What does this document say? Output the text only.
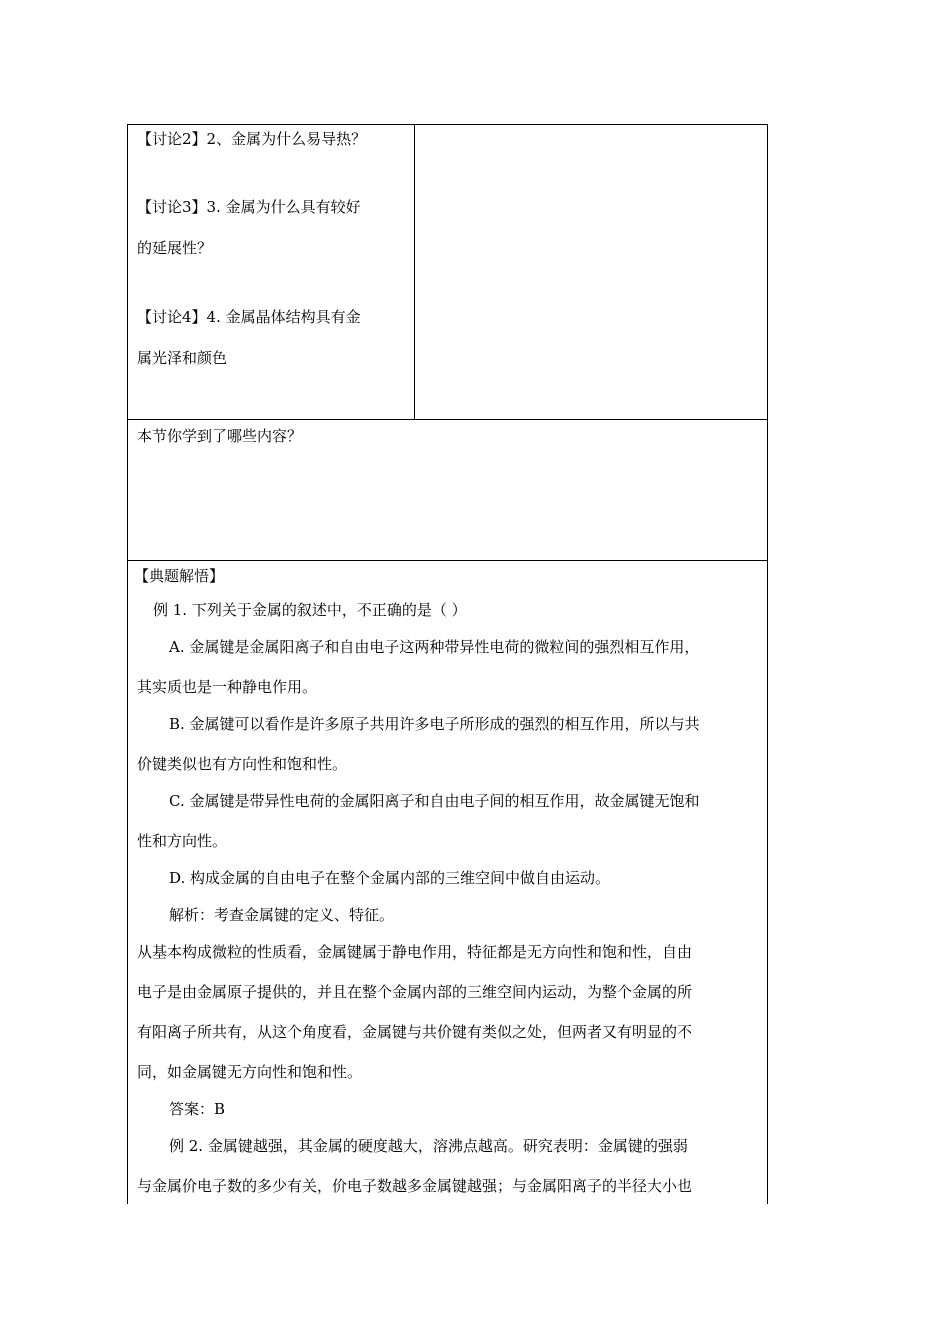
【讨论2】2、金属为什么易导热？
【讨论3】3. 金属为什么具有较好
的延展性？
【讨论4】4. 金属晶体结构具有金
属光泽和颜色
本节你学到了哪些内容？
【典题解悟】
例 1. 下列关于金属的叙述中，不正确的是（ ）
A. 金属键是金属阳离子和自由电子这两种带异性电荷的微粒间的强烈相互作用，
其实质也是一种静电作用。
B. 金属键可以看作是许多原子共用许多电子所形成的强烈的相互作用，所以与共
价键类似也有方向性和饱和性。
C. 金属键是带异性电荷的金属阳离子和自由电子间的相互作用，故金属键无饱和
性和方向性。
D. 构成金属的自由电子在整个金属内部的三维空间中做自由运动。
解析：考查金属键的定义、特征。
从基本构成微粒的性质看，金属键属于静电作用，特征都是无方向性和饱和性，自由
电子是由金属原子提供的，并且在整个金属内部的三维空间内运动，为整个金属的所
有阳离子所共有，从这个角度看，金属键与共价键有类似之处，但两者又有明显的不
同，如金属键无方向性和饱和性。
答案：B
例 2. 金属键越强，其金属的硬度越大，溶沸点越高。研究表明：金属键的强弱
与金属价电子数的多少有关，价电子数越多金属键越强；与金属阳离子的半径大小也
